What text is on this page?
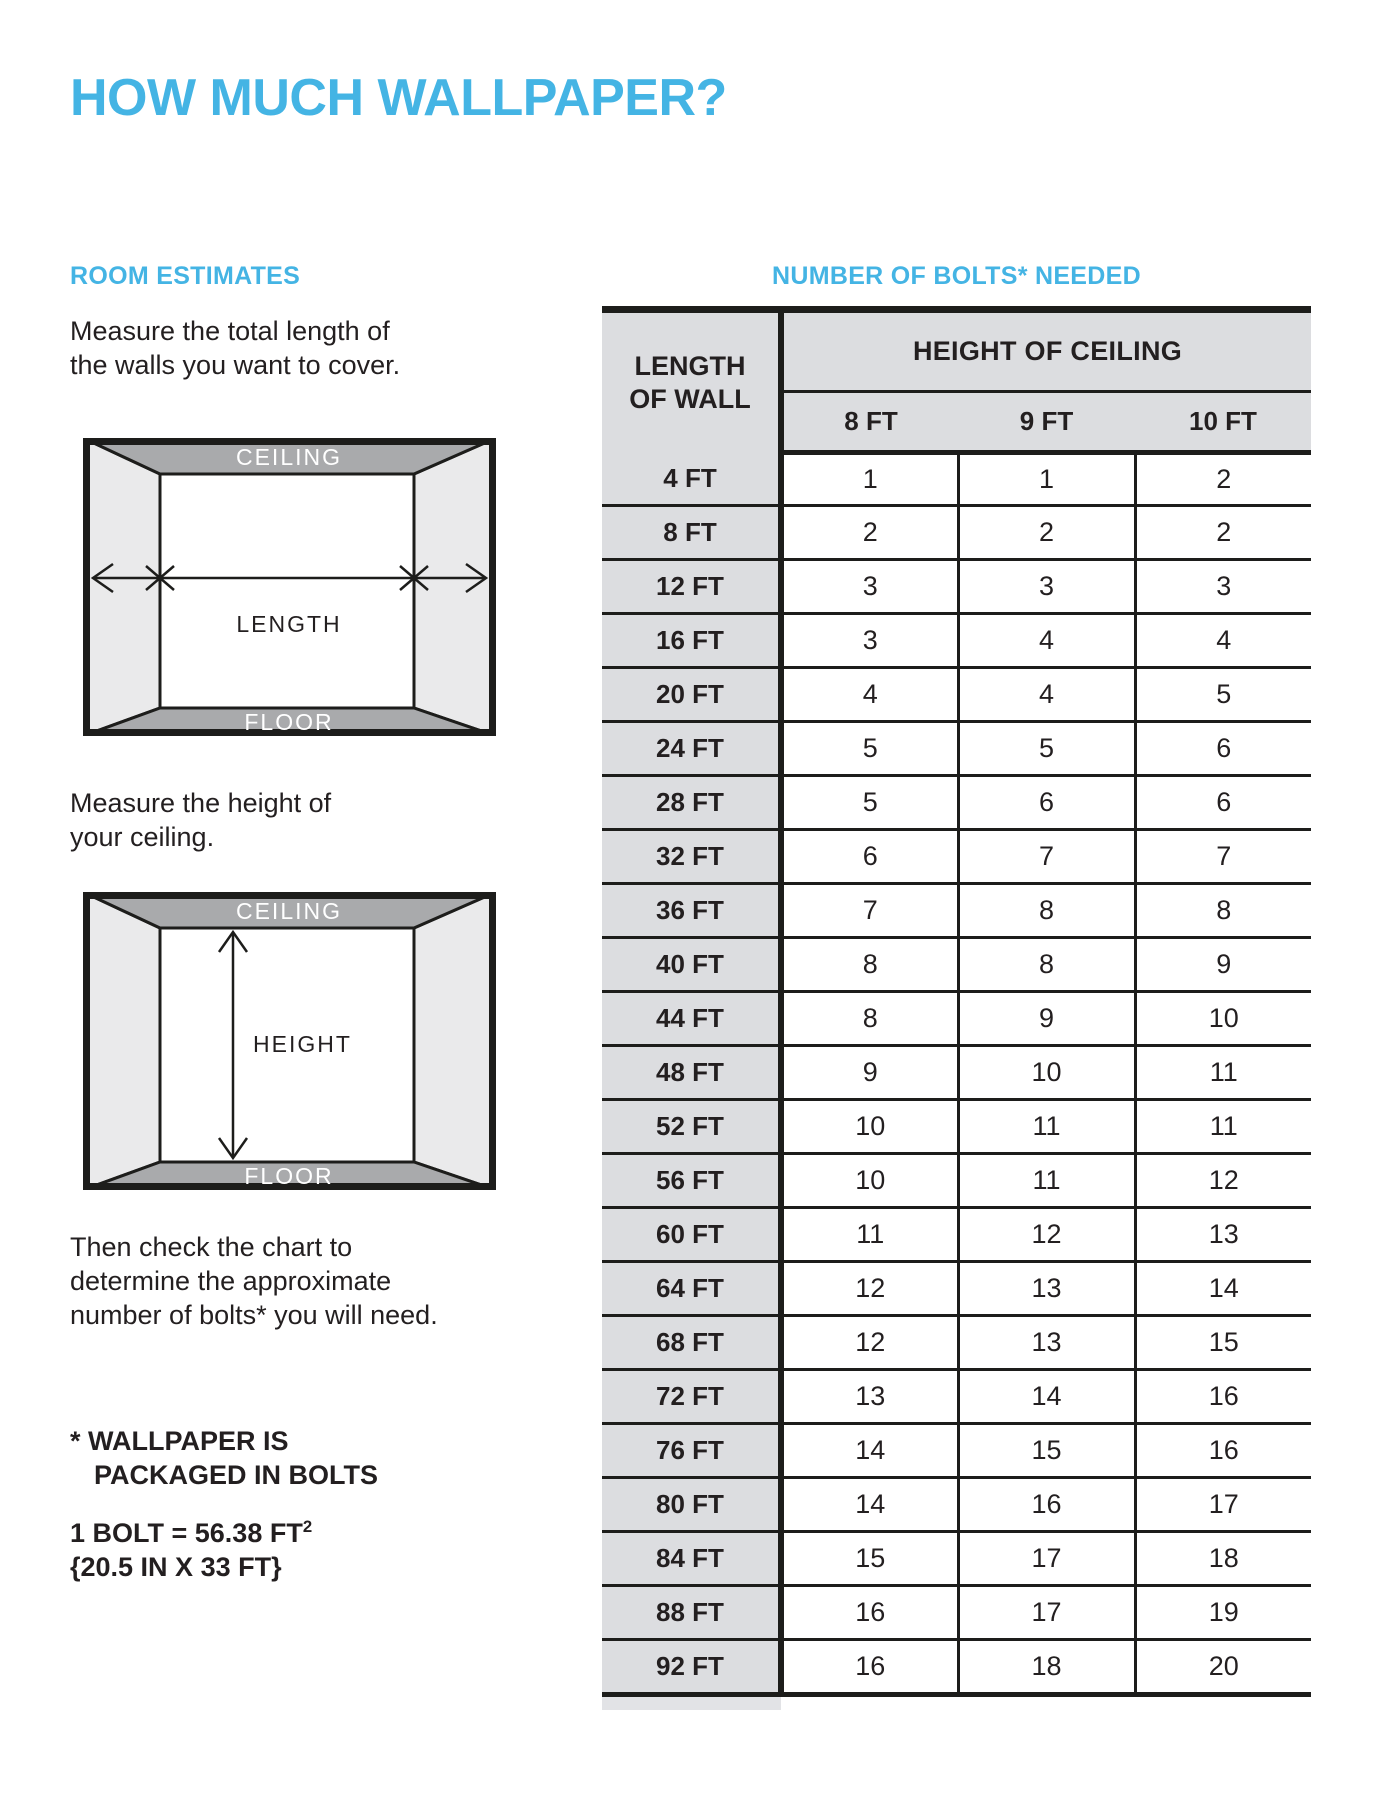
HOW MUCH WALLPAPER?
ROOM ESTIMATES

Measure the total length of
the walls you want to cover.

CEILING
FLOOR
LENGTH

Measure the height of
your ceiling.

CEILING
FLOOR
HEIGHT

Then check the chart to
determine the approximate
number of bolts* you will need.

* WALLPAPER IS
PACKAGED IN BOLTS

1 BOLT = 56.38 $FT^2$
{20.5 IN X 33 FT}

NUMBER OF BOLTS* NEEDED
LENGTH
OF WALL	HEIGHT OF CEILING		
	8 FT	9 FT	10 FT
4 FT	1	1	2
8 FT	2	2	2
12 FT	3	3	3
16 FT	3	4	4
20 FT	4	4	5
24 FT	5	5	6
28 FT	5	6	6
32 FT	6	7	7
36 FT	7	8	8
40 FT	8	8	9
44 FT	8	9	10
48 FT	9	10	11
52 FT	10	11	11
56 FT	10	11	12
60 FT	11	12	13
64 FT	12	13	14
68 FT	12	13	15
72 FT	13	14	16
76 FT	14	15	16
80 FT	14	16	17
84 FT	15	17	18
88 FT	16	17	19
92 FT	16	18	20
